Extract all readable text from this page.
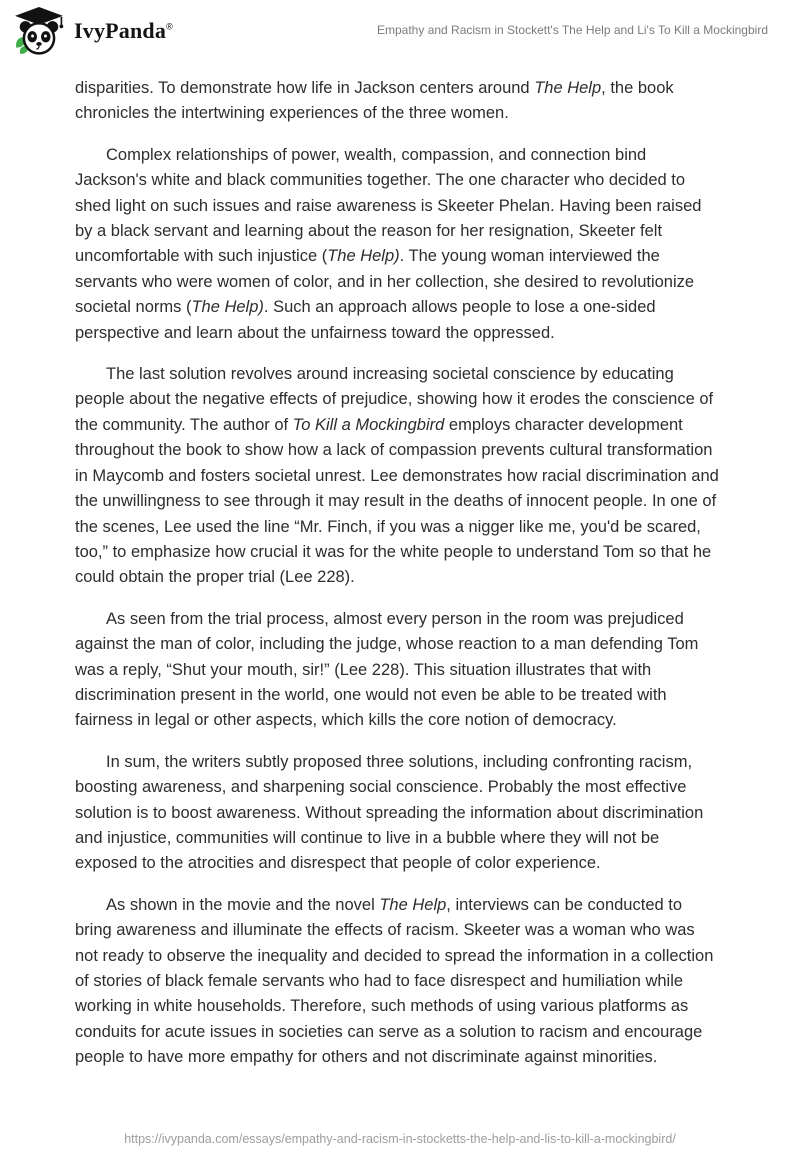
IvyPanda®	Empathy and Racism in Stockett's The Help and Li's To Kill a Mockingbird

disparities. To demonstrate how life in Jackson centers around The Help, the book chronicles the intertwining experiences of the three women.

Complex relationships of power, wealth, compassion, and connection bind Jackson's white and black communities together. The one character who decided to shed light on such issues and raise awareness is Skeeter Phelan. Having been raised by a black servant and learning about the reason for her resignation, Skeeter felt uncomfortable with such injustice (The Help). The young woman interviewed the servants who were women of color, and in her collection, she desired to revolutionize societal norms (The Help). Such an approach allows people to lose a one-sided perspective and learn about the unfairness toward the oppressed.

The last solution revolves around increasing societal conscience by educating people about the negative effects of prejudice, showing how it erodes the conscience of the community. The author of To Kill a Mockingbird employs character development throughout the book to show how a lack of compassion prevents cultural transformation in Maycomb and fosters societal unrest. Lee demonstrates how racial discrimination and the unwillingness to see through it may result in the deaths of innocent people. In one of the scenes, Lee used the line “Mr. Finch, if you was a nigger like me, you'd be scared, too,” to emphasize how crucial it was for the white people to understand Tom so that he could obtain the proper trial (Lee 228).

As seen from the trial process, almost every person in the room was prejudiced against the man of color, including the judge, whose reaction to a man defending Tom was a reply, “Shut your mouth, sir!” (Lee 228). This situation illustrates that with discrimination present in the world, one would not even be able to be treated with fairness in legal or other aspects, which kills the core notion of democracy.

In sum, the writers subtly proposed three solutions, including confronting racism, boosting awareness, and sharpening social conscience. Probably the most effective solution is to boost awareness. Without spreading the information about discrimination and injustice, communities will continue to live in a bubble where they will not be exposed to the atrocities and disrespect that people of color experience.

As shown in the movie and the novel The Help, interviews can be conducted to bring awareness and illuminate the effects of racism. Skeeter was a woman who was not ready to observe the inequality and decided to spread the information in a collection of stories of black female servants who had to face disrespect and humiliation while working in white households. Therefore, such methods of using various platforms as conduits for acute issues in societies can serve as a solution to racism and encourage people to have more empathy for others and not discriminate against minorities.

https://ivypanda.com/essays/empathy-and-racism-in-stocketts-the-help-and-lis-to-kill-a-mockingbird/
